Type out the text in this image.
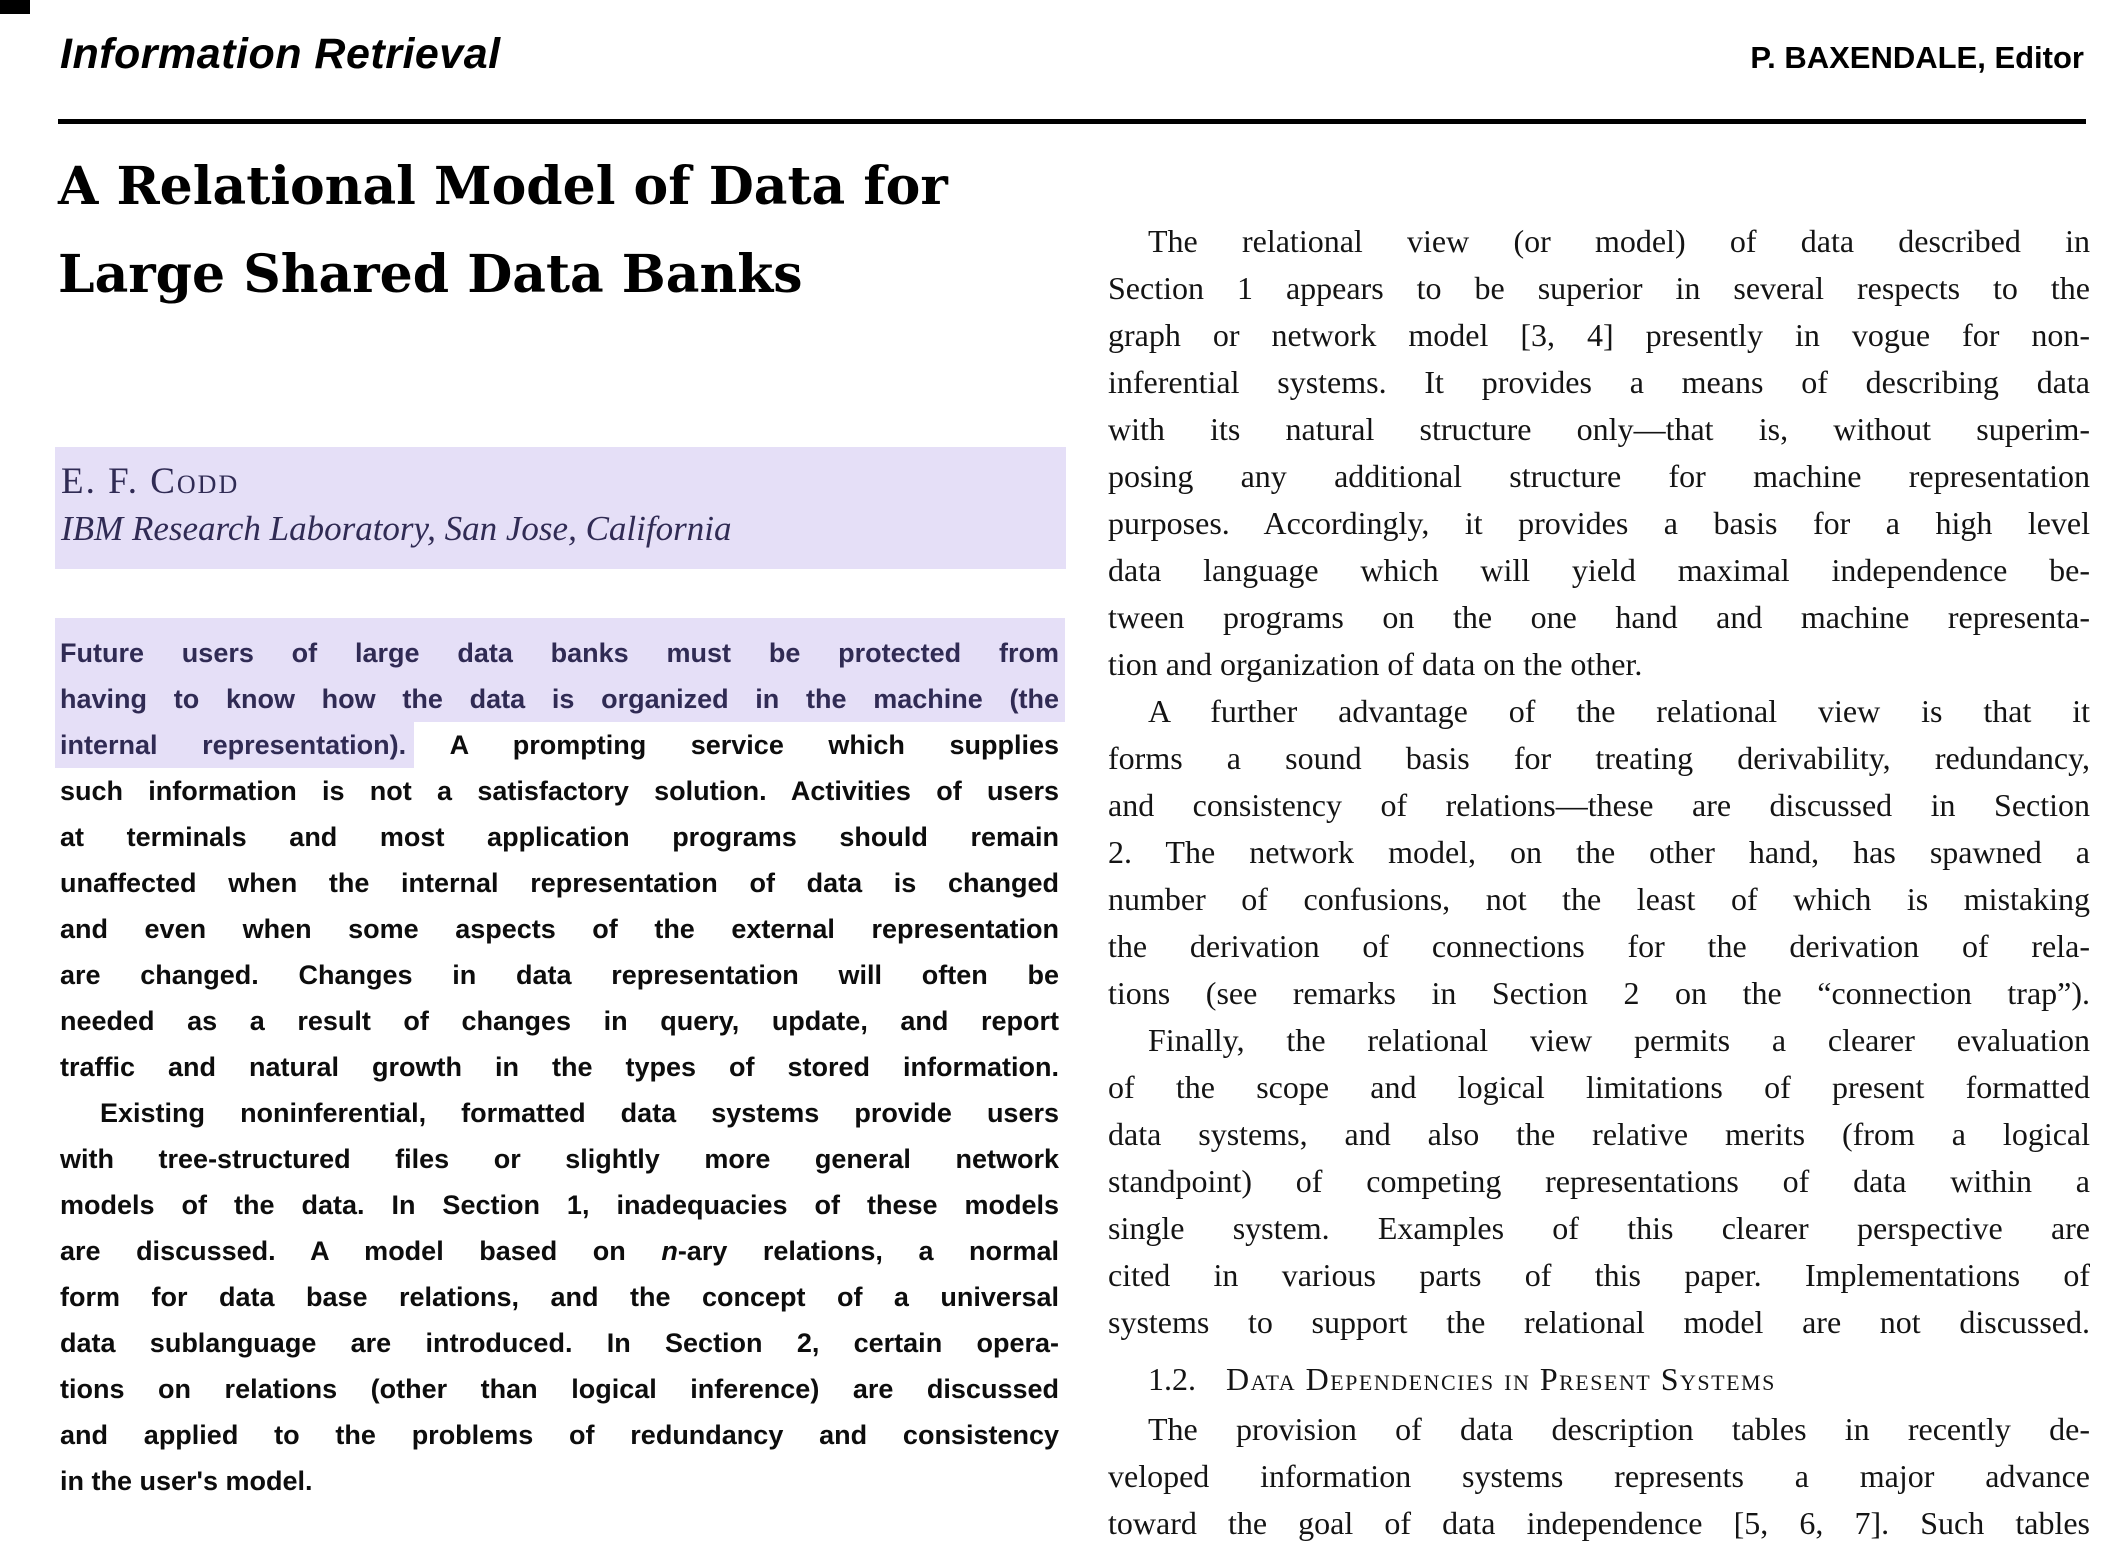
Information Retrieval	P. BAXENDALE, Editor
A Relational Model of Data for
Large Shared Data Banks
E. F. Codd
IBM Research Laboratory, San Jose, California
Future users of large data banks must be protected from
having to know how the data is organized in the machine (the
internal representation). A prompting service which supplies
such information is not a satisfactory solution. Activities of users
at terminals and most application programs should remain
unaffected when the internal representation of data is changed
and even when some aspects of the external representation
are changed. Changes in data representation will often be
needed as a result of changes in query, update, and report
traffic and natural growth in the types of stored information.
Existing noninferential, formatted data systems provide users
with tree-structured files or slightly more general network
models of the data. In Section 1, inadequacies of these models
are discussed. A model based on n-ary relations, a normal
form for data base relations, and the concept of a universal
data sublanguage are introduced. In Section 2, certain opera-
tions on relations (other than logical inference) are discussed
and applied to the problems of redundancy and consistency
in the user's model.
The relational view (or model) of data described in
Section 1 appears to be superior in several respects to the
graph or network model [3, 4] presently in vogue for non-
inferential systems. It provides a means of describing data
with its natural structure only—that is, without superim-
posing any additional structure for machine representation
purposes. Accordingly, it provides a basis for a high level
data language which will yield maximal independence be-
tween programs on the one hand and machine representa-
tion and organization of data on the other.
A further advantage of the relational view is that it
forms a sound basis for treating derivability, redundancy,
and consistency of relations—these are discussed in Section
2. The network model, on the other hand, has spawned a
number of confusions, not the least of which is mistaking
the derivation of connections for the derivation of rela-
tions (see remarks in Section 2 on the “connection trap”).
Finally, the relational view permits a clearer evaluation
of the scope and logical limitations of present formatted
data systems, and also the relative merits (from a logical
standpoint) of competing representations of data within a
single system. Examples of this clearer perspective are
cited in various parts of this paper. Implementations of
systems to support the relational model are not discussed.
1.2. Data Dependencies in Present Systems
The provision of data description tables in recently de-
veloped information systems represents a major advance
toward the goal of data independence [5, 6, 7]. Such tables
